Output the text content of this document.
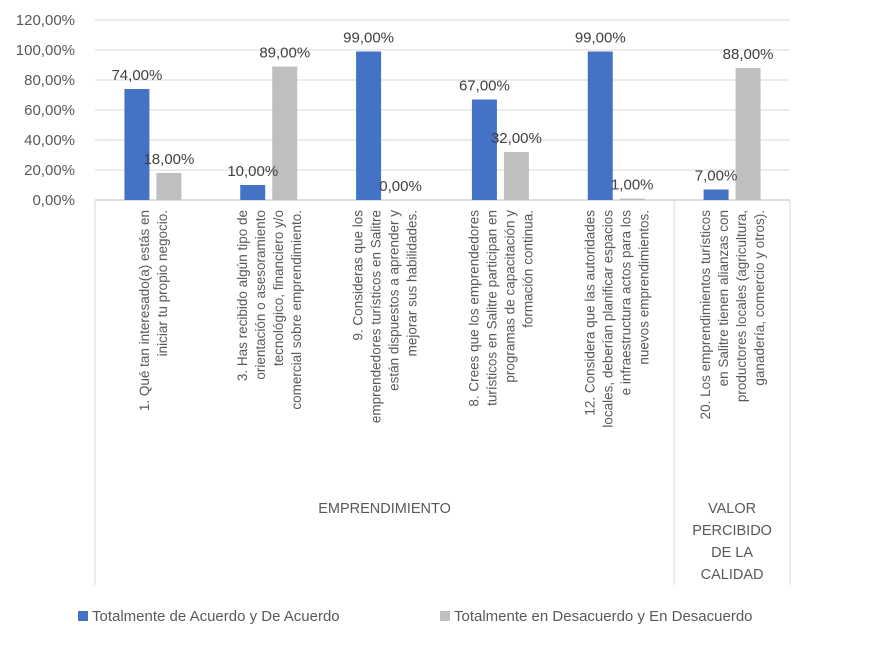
0,00%
20,00%
40,00%
60,00%
80,00%
100,00%
120,00%
74,00%
10,00%
99,00%
67,00%
99,00%
7,00%
18,00%
89,00%
0,00%
32,00%
1,00%
88,00%
1. Qué tan interesado(a) estás en iniciar tu propio negocio.	3. Has recibido algún tipo de orientación o asesoramiento tecnológico, financiero y/o comercial sobre emprendimiento.	9. Consideras que los emprendedores turísticos en Salitre están dispuestos a aprender y mejorar sus habilidades.	8. Crees que los emprendedores turísticos en Salitre participan en programas de capacitación y formación continua.	12. Considera que las autoridades locales, deberían planificar espacios e infraestructura actos para los nuevos emprendimientos.	20. Los emprendimientos turísticos en Salitre tienen alianzas con productores locales (agricultura, ganadería, comercio y otros).
EMPRENDIMIENTO	VALOR
PERCIBIDO
DE LA
CALIDAD
Totalmente de Acuerdo y De Acuerdo	Totalmente en Desacuerdo y En Desacuerdo
